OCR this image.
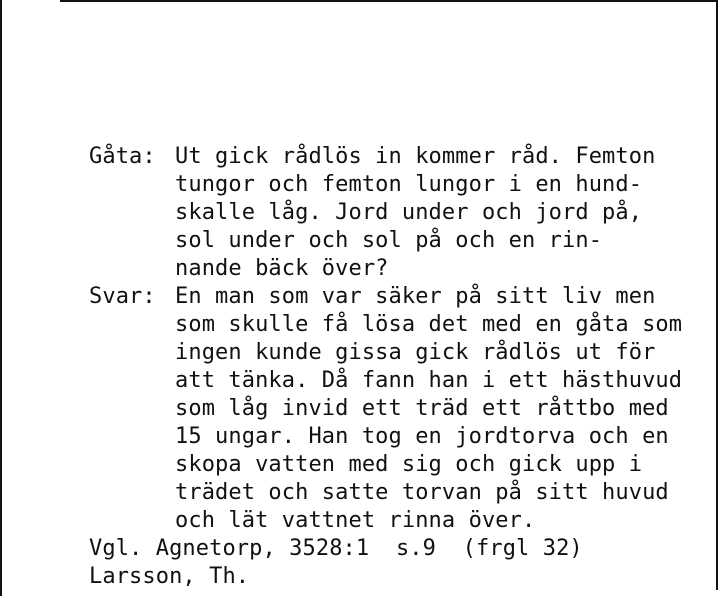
Gåta: Ut gick rådlös in kommer råd. Femton
tungor och femton lungor i en hund-
skalle låg. Jord under och jord på,
sol under och sol på och en rin-
nande bäck över?
Svar: En man som var säker på sitt liv men
som skulle få lösa det med en gåta som
ingen kunde gissa gick rådlös ut för
att tänka. Då fann han i ett hästhuvud
som låg invid ett träd ett råttbo med
15 ungar. Han tog en jordtorva och en
skopa vatten med sig och gick upp i
trädet och satte torvan på sitt huvud
och lät vattnet rinna över.
Vgl. Agnetorp, 3528:1  s.9  (frgl 32)
Larsson, Th.
